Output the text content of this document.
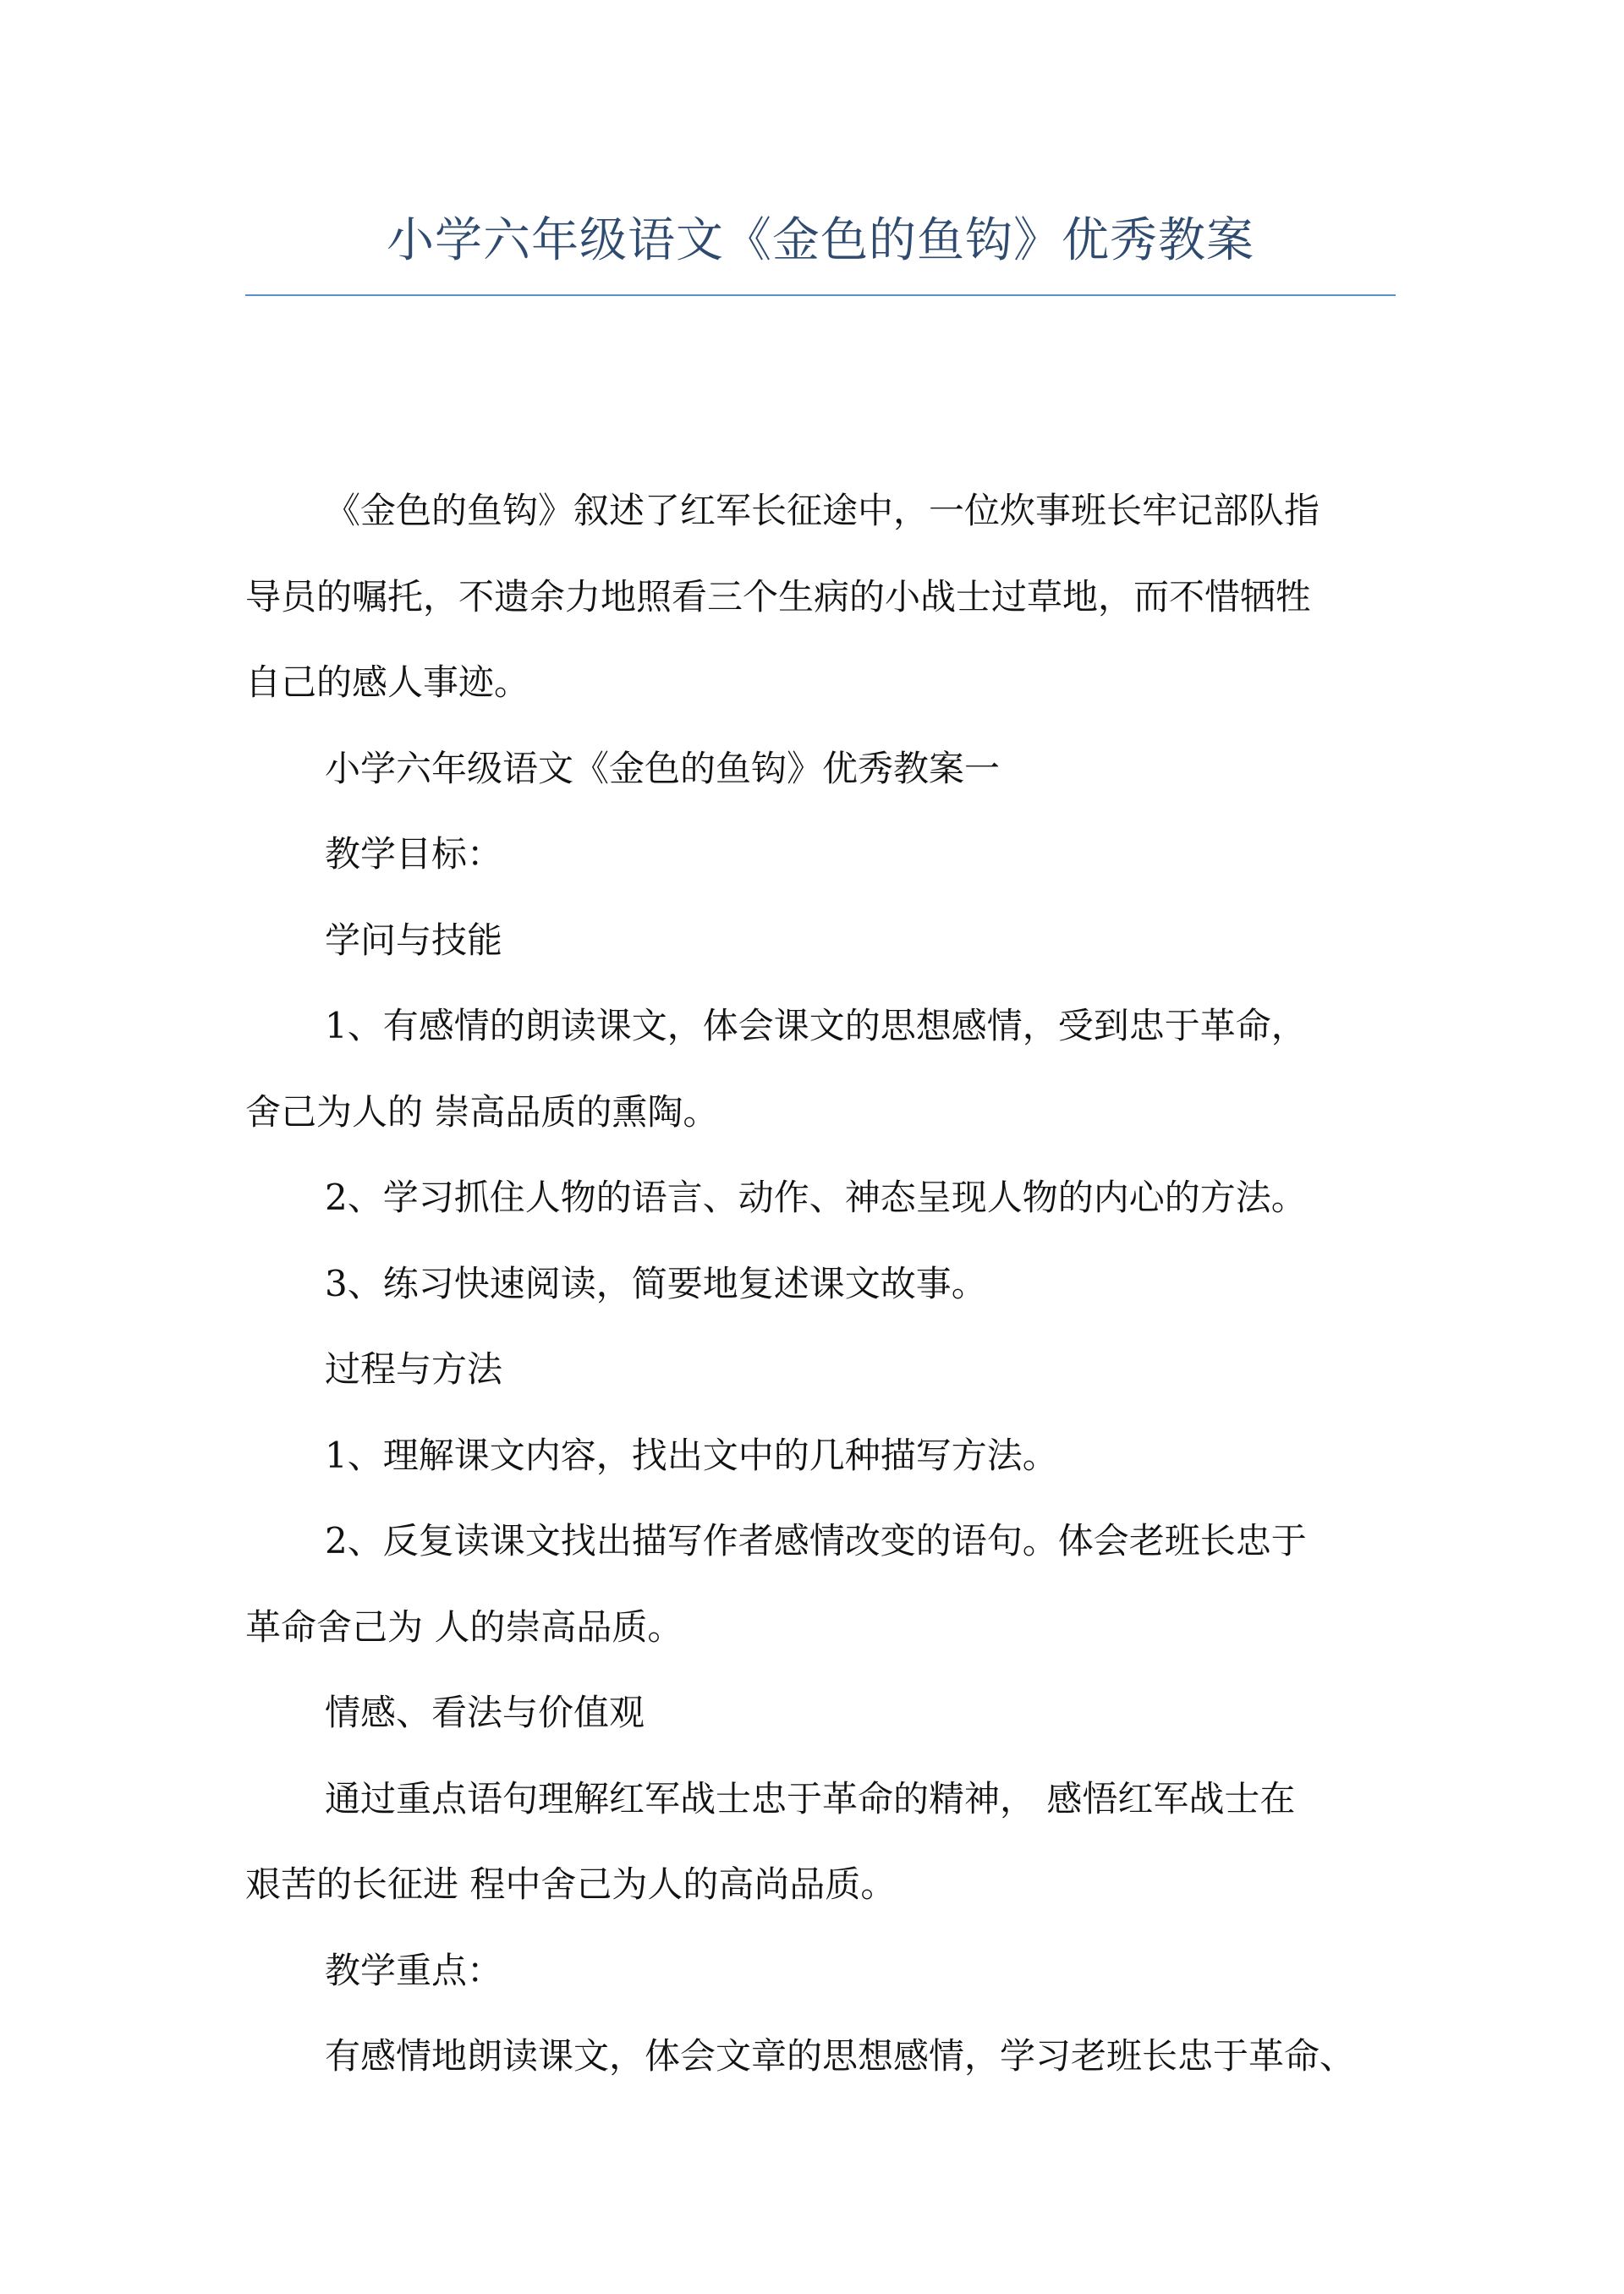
小学六年级语文《金色的鱼钩》优秀教案

《金色的鱼钩》叙述了红军长征途中，一位炊事班长牢记部队指

导员的嘱托，不遗余力地照看三个生病的小战士过草地，而不惜牺牲

自己的感人事迹。

小学六年级语文《金色的鱼钩》优秀教案一

教学目标：

学问与技能

1、有感情的朗读课文，体会课文的思想感情，受到忠于革命，

舍己为人的 崇高品质的熏陶。

2、学习抓住人物的语言、动作、神态呈现人物的内心的方法。

3、练习快速阅读，简要地复述课文故事。

过程与方法

1、理解课文内容，找出文中的几种描写方法。

2、反复读课文找出描写作者感情改变的语句。体会老班长忠于

革命舍己为 人的崇高品质。

情感、看法与价值观

通过重点语句理解红军战士忠于革命的精神， 感悟红军战士在

艰苦的长征进 程中舍己为人的高尚品质。

教学重点：

有感情地朗读课文，体会文章的思想感情，学习老班长忠于革命、
